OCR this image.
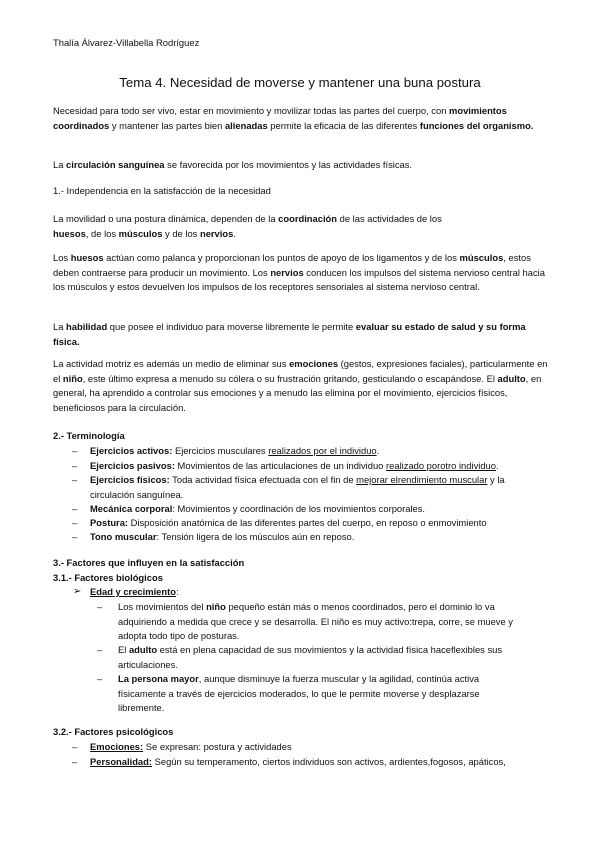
Thalía Álvarez-Villabella Rodríguez
Tema 4. Necesidad de moverse y mantener una buna postura
Necesidad para todo ser vivo, estar en movimiento y movilizar todas las partes del cuerpo, con movimientos coordinados y mantener las partes bien alienadas permite la eficacia de las diferentes funciones del organismo.
La circulación sanguínea se favorecida por los movimientos y las actividades físicas.
1.- Independencia en la satisfacción de la necesidad
La movilidad o una postura dinámica, dependen de la coordinación de las actividades de los
huesos, de los músculos y de los nervios.
Los huesos actúan como palanca y proporcionan los puntos de apoyo de los ligamentos y de los músculos, estos deben contraerse para producir un movimiento. Los nervios conducen los impulsos del sistema nervioso central hacia los músculos y estos devuelven los impulsos de los receptores sensoriales al sistema nervioso central.
La habilidad que posee el individuo para moverse libremente le permite evaluar su estado de salud y su forma física.
La actividad motriz es además un medio de eliminar sus emociones (gestos, expresiones faciales), particularmente en el niño, este último expresa a menudo su cólera o su frustración gritando, gesticulando o escapándose. El adulto, en general, ha aprendido a controlar sus emociones y a menudo las elimina por el movimiento, ejercicios físicos, beneficiosos para la circulación.
2.- Terminología
– Ejercicios activos: Ejercicios musculares realizados por el individuo.
– Ejercicios pasivos: Movimientos de las articulaciones de un individuo realizado porotro individuo.
– Ejercicios físicos: Toda actividad física efectuada con el fin de mejorar elrendimiento muscular y la
circulación sanguínea.
– Mecánica corporal: Movimientos y coordinación de los movimientos corporales.
– Postura: Disposición anatómica de las diferentes partes del cuerpo, en reposo o enmovimiento
– Tono muscular: Tensión ligera de los músculos aún en reposo.
3.- Factores que influyen en la satisfacción
3.1.- Factores biológicos
➢ Edad y crecimiento:
– Los movimientos del niño pequeño están más o menos coordinados, pero el dominio lo va
adquiriendo a medida que crece y se desarrolla. El niño es muy activo:trepa, corre, se mueve y
adopta todo tipo de posturas.
– El adulto está en plena capacidad de sus movimientos y la actividad física haceflexibles sus
articulaciones.
– La persona mayor, aunque disminuye la fuerza muscular y la agilidad, continúa activa
físicamente a través de ejercicios moderados, lo que le permite moverse y desplazarse
libremente.
3.2.- Factores psicológicos
– Emociones: Se expresan: postura y actividades
– Personalidad: Según su temperamento, ciertos individuos son activos, ardientes,fogosos, apáticos,
